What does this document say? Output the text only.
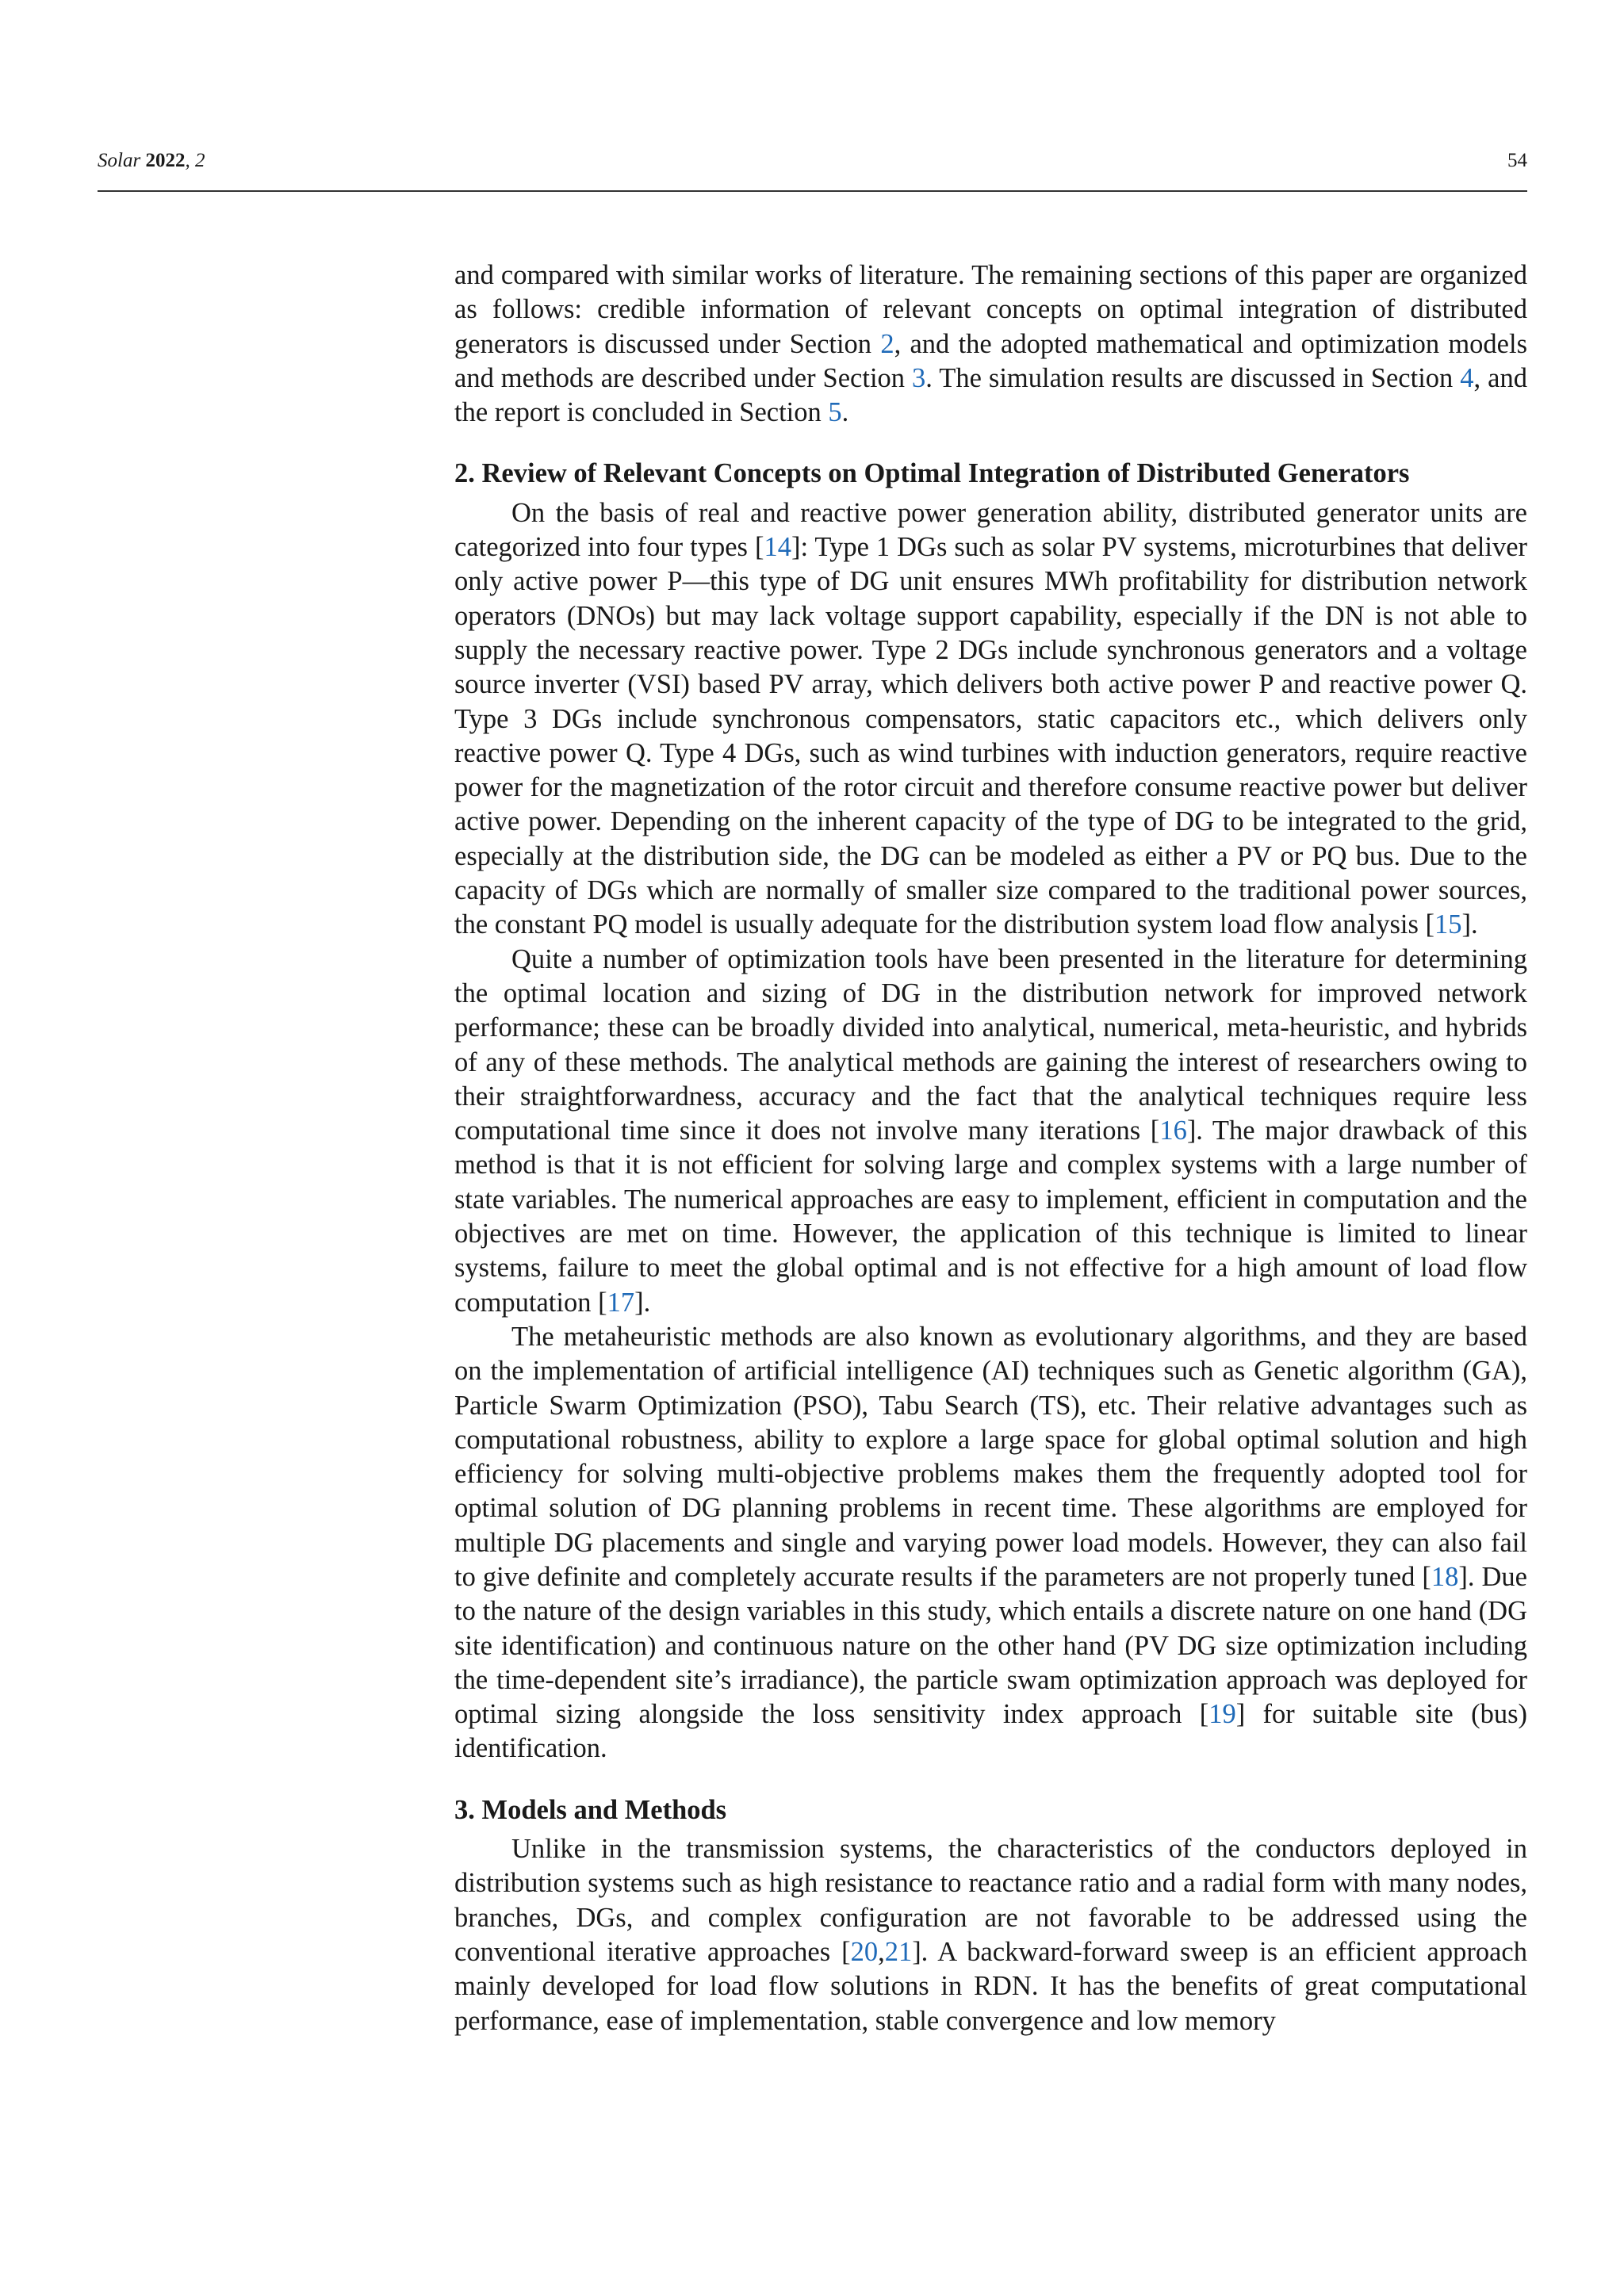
Solar 2022, 2	54

and compared with similar works of literature. The remaining sections of this paper are organized as follows: credible information of relevant concepts on optimal integration of distributed generators is discussed under Section 2, and the adopted mathematical and optimization models and methods are described under Section 3. The simulation results are discussed in Section 4, and the report is concluded in Section 5.

2. Review of Relevant Concepts on Optimal Integration of Distributed Generators

On the basis of real and reactive power generation ability, distributed generator units are categorized into four types [14]: Type 1 DGs such as solar PV systems, microturbines that deliver only active power P—this type of DG unit ensures MWh profitability for distribution network operators (DNOs) but may lack voltage support capability, especially if the DN is not able to supply the necessary reactive power. Type 2 DGs include synchronous generators and a voltage source inverter (VSI) based PV array, which delivers both active power P and reactive power Q. Type 3 DGs include synchronous compensators, static capacitors etc., which delivers only reactive power Q. Type 4 DGs, such as wind turbines with induction generators, require reactive power for the magnetization of the rotor circuit and therefore consume reactive power but deliver active power. Depending on the inherent capacity of the type of DG to be integrated to the grid, especially at the distribution side, the DG can be modeled as either a PV or PQ bus. Due to the capacity of DGs which are normally of smaller size compared to the traditional power sources, the constant PQ model is usually adequate for the distribution system load flow analysis [15].

Quite a number of optimization tools have been presented in the literature for determining the optimal location and sizing of DG in the distribution network for improved network performance; these can be broadly divided into analytical, numerical, meta-heuristic, and hybrids of any of these methods. The analytical methods are gaining the interest of researchers owing to their straightforwardness, accuracy and the fact that the analytical techniques require less computational time since it does not involve many iterations [16]. The major drawback of this method is that it is not efficient for solving large and complex systems with a large number of state variables. The numerical approaches are easy to implement, efficient in computation and the objectives are met on time. However, the application of this technique is limited to linear systems, failure to meet the global optimal and is not effective for a high amount of load flow computation [17].

The metaheuristic methods are also known as evolutionary algorithms, and they are based on the implementation of artificial intelligence (AI) techniques such as Genetic algorithm (GA), Particle Swarm Optimization (PSO), Tabu Search (TS), etc. Their relative advantages such as computational robustness, ability to explore a large space for global optimal solution and high efficiency for solving multi-objective problems makes them the frequently adopted tool for optimal solution of DG planning problems in recent time. These algorithms are employed for multiple DG placements and single and varying power load models. However, they can also fail to give definite and completely accurate results if the parameters are not properly tuned [18]. Due to the nature of the design variables in this study, which entails a discrete nature on one hand (DG site identification) and continuous nature on the other hand (PV DG size optimization including the time-dependent site’s irradiance), the particle swam optimization approach was deployed for optimal sizing alongside the loss sensitivity index approach [19] for suitable site (bus) identification.

3. Models and Methods

Unlike in the transmission systems, the characteristics of the conductors deployed in distribution systems such as high resistance to reactance ratio and a radial form with many nodes, branches, DGs, and complex configuration are not favorable to be addressed using the conventional iterative approaches [20,21]. A backward-forward sweep is an efficient approach mainly developed for load flow solutions in RDN. It has the benefits of great computational performance, ease of implementation, stable convergence and low memory
